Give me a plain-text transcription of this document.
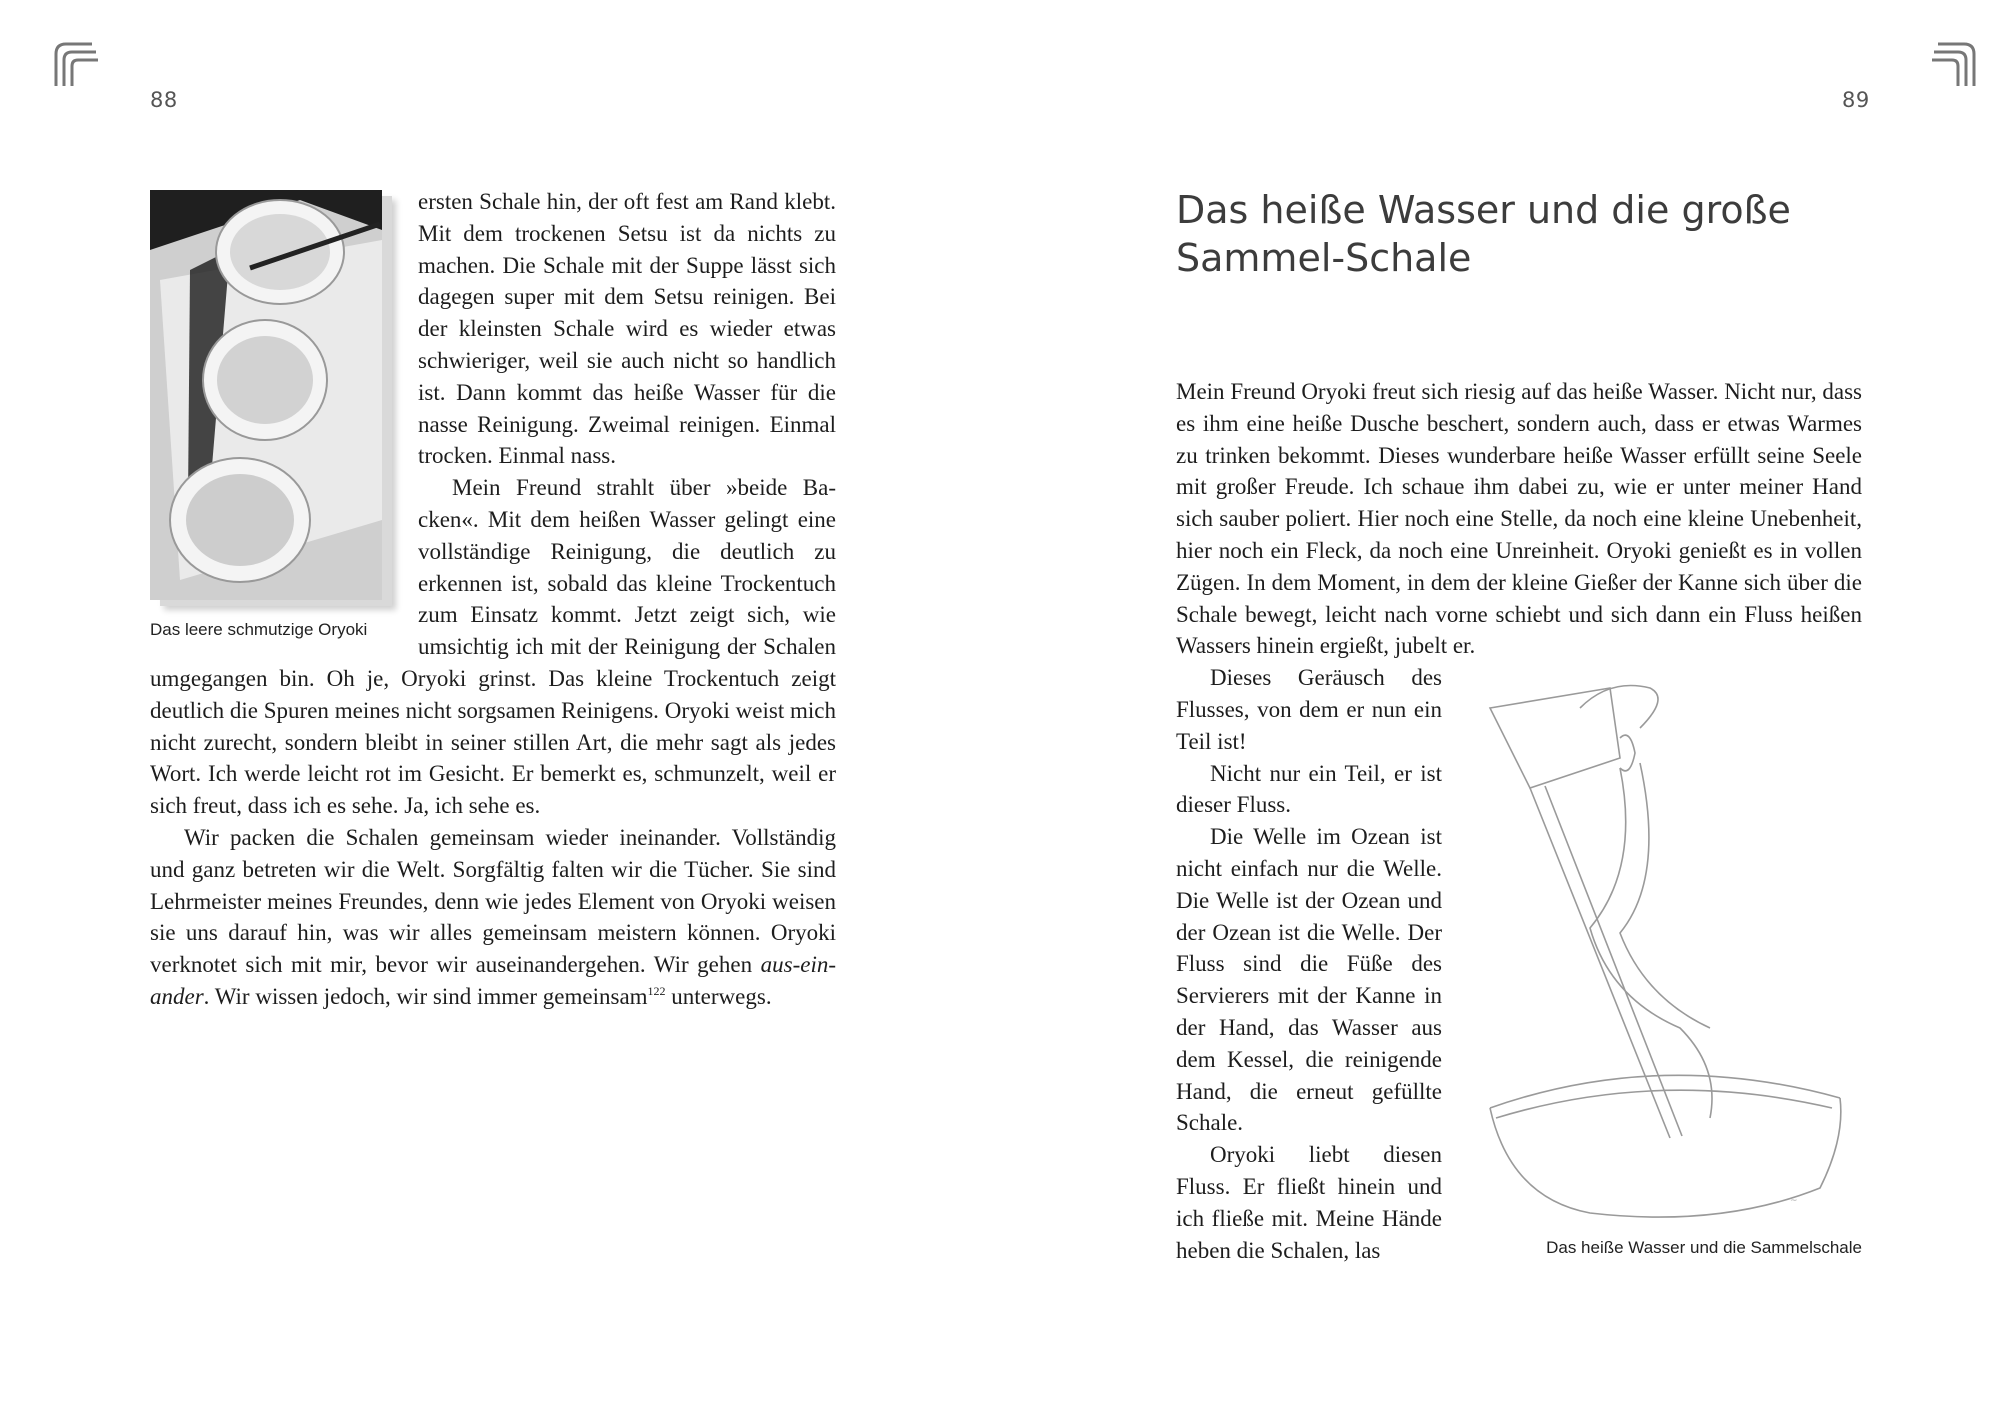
88
Das leere schmutzige Oryoki

ersten Schale hin, der oft fest am Rand klebt. Mit dem trockenen Setsu ist da nichts zu machen. Die Schale mit der Suppe lässt sich dagegen super mit dem Setsu reinigen. Bei der kleinsten Schale wird es wieder etwas schwieriger, weil sie auch nicht so handlich ist. Dann kommt das heiße Wasser für die nasse Reinigung. Zweimal reinigen. Einmal trocken. Einmal nass.

Mein Freund strahlt über »beide Backen«. Mit dem heißen Wasser gelingt eine vollständige Reinigung, die deutlich zu erkennen ist, sobald das kleine Trockentuch zum Einsatz kommt. Jetzt zeigt sich, wie umsichtig ich mit der Reinigung der Schalen umgegangen bin. Oh je, Oryoki grinst. Das kleine Trockentuch zeigt deutlich die Spuren meines nicht sorgsamen Reinigens. Oryoki weist mich nicht zurecht, sondern bleibt in seiner stillen Art, die mehr sagt als jedes Wort. Ich werde leicht rot im Gesicht. Er bemerkt es, schmunzelt, weil er sich freut, dass ich es sehe. Ja, ich sehe es.

Wir packen die Schalen gemeinsam wieder ineinander. Vollständig und ganz betreten wir die Welt. Sorgfältig falten wir die Tücher. Sie sind Lehrmeister meines Freundes, denn wie jedes Element von Oryoki weisen sie uns darauf hin, was wir alles gemeinsam meistern können. Oryoki verknotet sich mit mir, bevor wir auseinandergehen. Wir gehen aus-ein-ander. Wir wissen jedoch, wir sind immer gemeinsam$^{122}$ unterwegs.

89
Das heiße Wasser und die große
Sammel-Schale

Mein Freund Oryoki freut sich riesig auf das heiße Wasser. Nicht nur, dass es ihm eine heiße Dusche beschert, sondern auch, dass er etwas Warmes zu trinken bekommt. Dieses wunderbare heiße Wasser erfüllt seine Seele mit großer Freude. Ich schaue ihm dabei zu, wie er unter meiner Hand sich sauber poliert. Hier noch eine Stelle, da noch eine kleine Unebenheit, hier noch ein Fleck, da noch eine Unreinheit. Oryoki genießt es in vollen Zügen. In dem Moment, in dem der kleine Gießer der Kanne sich über die Schale bewegt, leicht nach vorne schiebt und sich dann ein Fluss heißen Wassers hinein ergießt, jubelt er.

~
Das heiße Wasser und die Sammelschale

Dieses Geräusch des Flusses, von dem er nun ein Teil ist!

Nicht nur ein Teil, er ist dieser Fluss.

Die Welle im Ozean ist nicht einfach nur die Welle. Die Welle ist der Ozean und der Ozean ist die Welle. Der Fluss sind die Füße des Servierers mit der Kanne in der Hand, das Wasser aus dem Kessel, die reinigende Hand, die erneut gefüllte Schale.

Oryoki liebt diesen Fluss. Er fließt hinein und ich fließe mit. Meine Hände heben die Schalen, las
